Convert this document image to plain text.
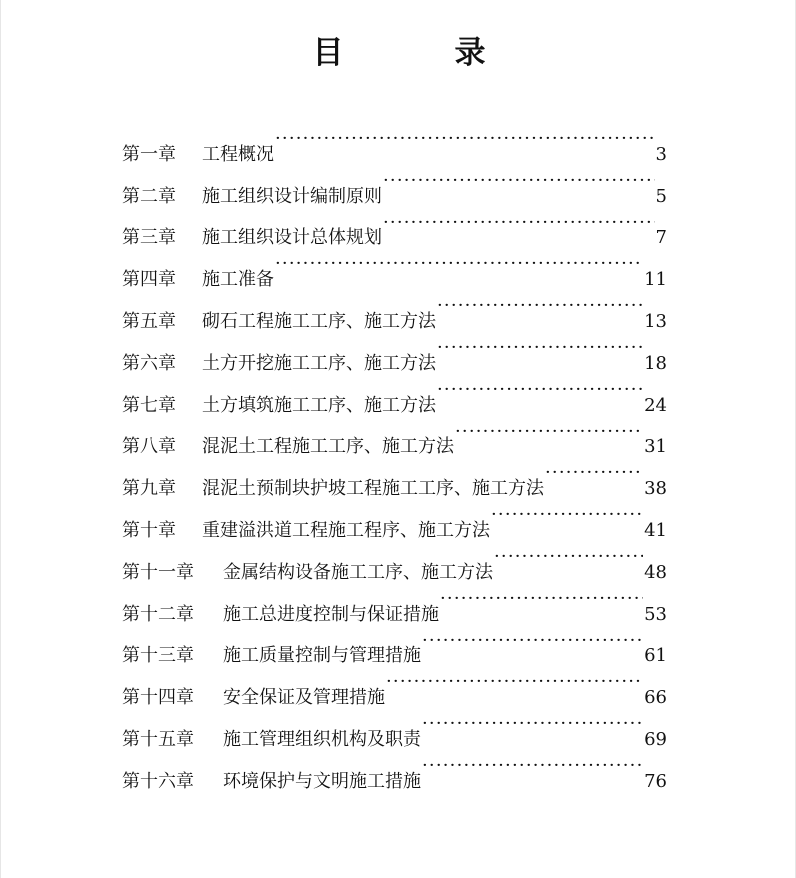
目　录
第一章	工程概况 ·····	3
第二章	施工组织设计编制原则 ·····	5
第三章	施工组织设计总体规划 ·····	7
第四章	施工准备 ·····	11
第五章	砌石工程施工工序、施工方法 ·····	13
第六章	土方开挖施工工序、施工方法 ·····	18
第七章	土方填筑施工工序、施工方法 ·····	24
第八章	混泥土工程施工工序、施工方法 ·····	31
第九章	混泥土预制块护坡工程施工工序、施工方法 ·····	38
第十章	重建溢洪道工程施工程序、施工方法 ·····	41
第十一章	金属结构设备施工工序、施工方法 ·····	48
第十二章	施工总进度控制与保证措施 ·····	53
第十三章	施工质量控制与管理措施 ·····	61
第十四章	安全保证及管理措施 ·····	66
第十五章	施工管理组织机构及职责 ·····	69
第十六章	环境保护与文明施工措施 ·····	76
